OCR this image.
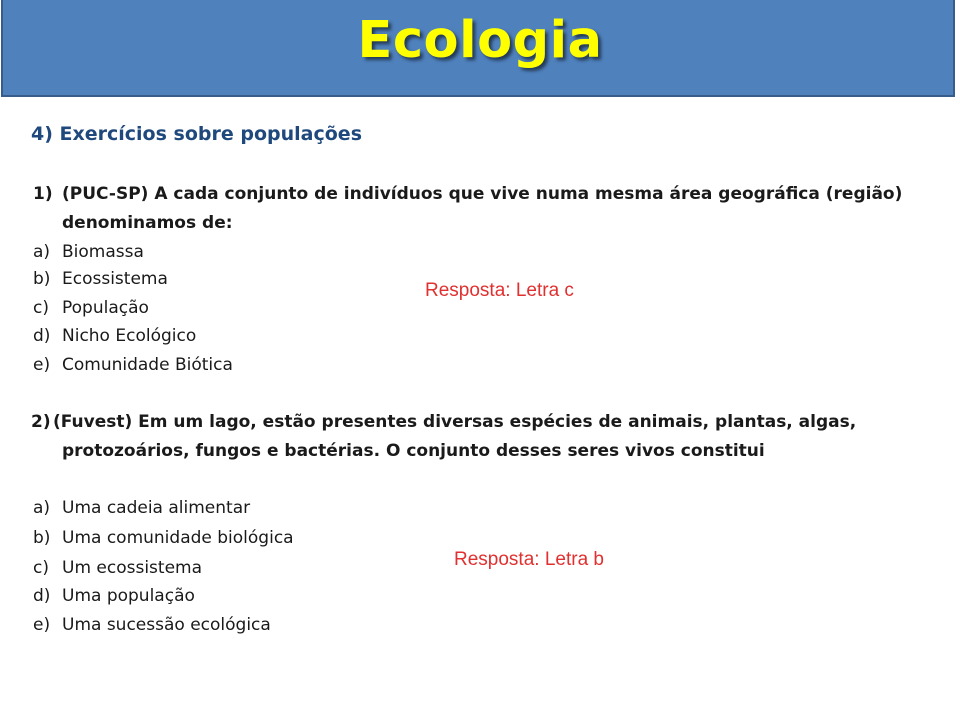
Ecologia
4) Exercícios sobre populações
1) (PUC-SP) A cada conjunto de indivíduos que vive numa mesma área geográfica (região)
denominamos de:
a) Biomassa
b) Ecossistema
c) População
d) Nicho Ecológico
e) Comunidade Biótica
Resposta: Letra c
2) (Fuvest) Em um lago, estão presentes diversas espécies de animais, plantas, algas,
protozoários, fungos e bactérias. O conjunto desses seres vivos constitui
a) Uma cadeia alimentar
b) Uma comunidade biológica
c) Um ecossistema
d) Uma população
e) Uma sucessão ecológica
Resposta: Letra b
